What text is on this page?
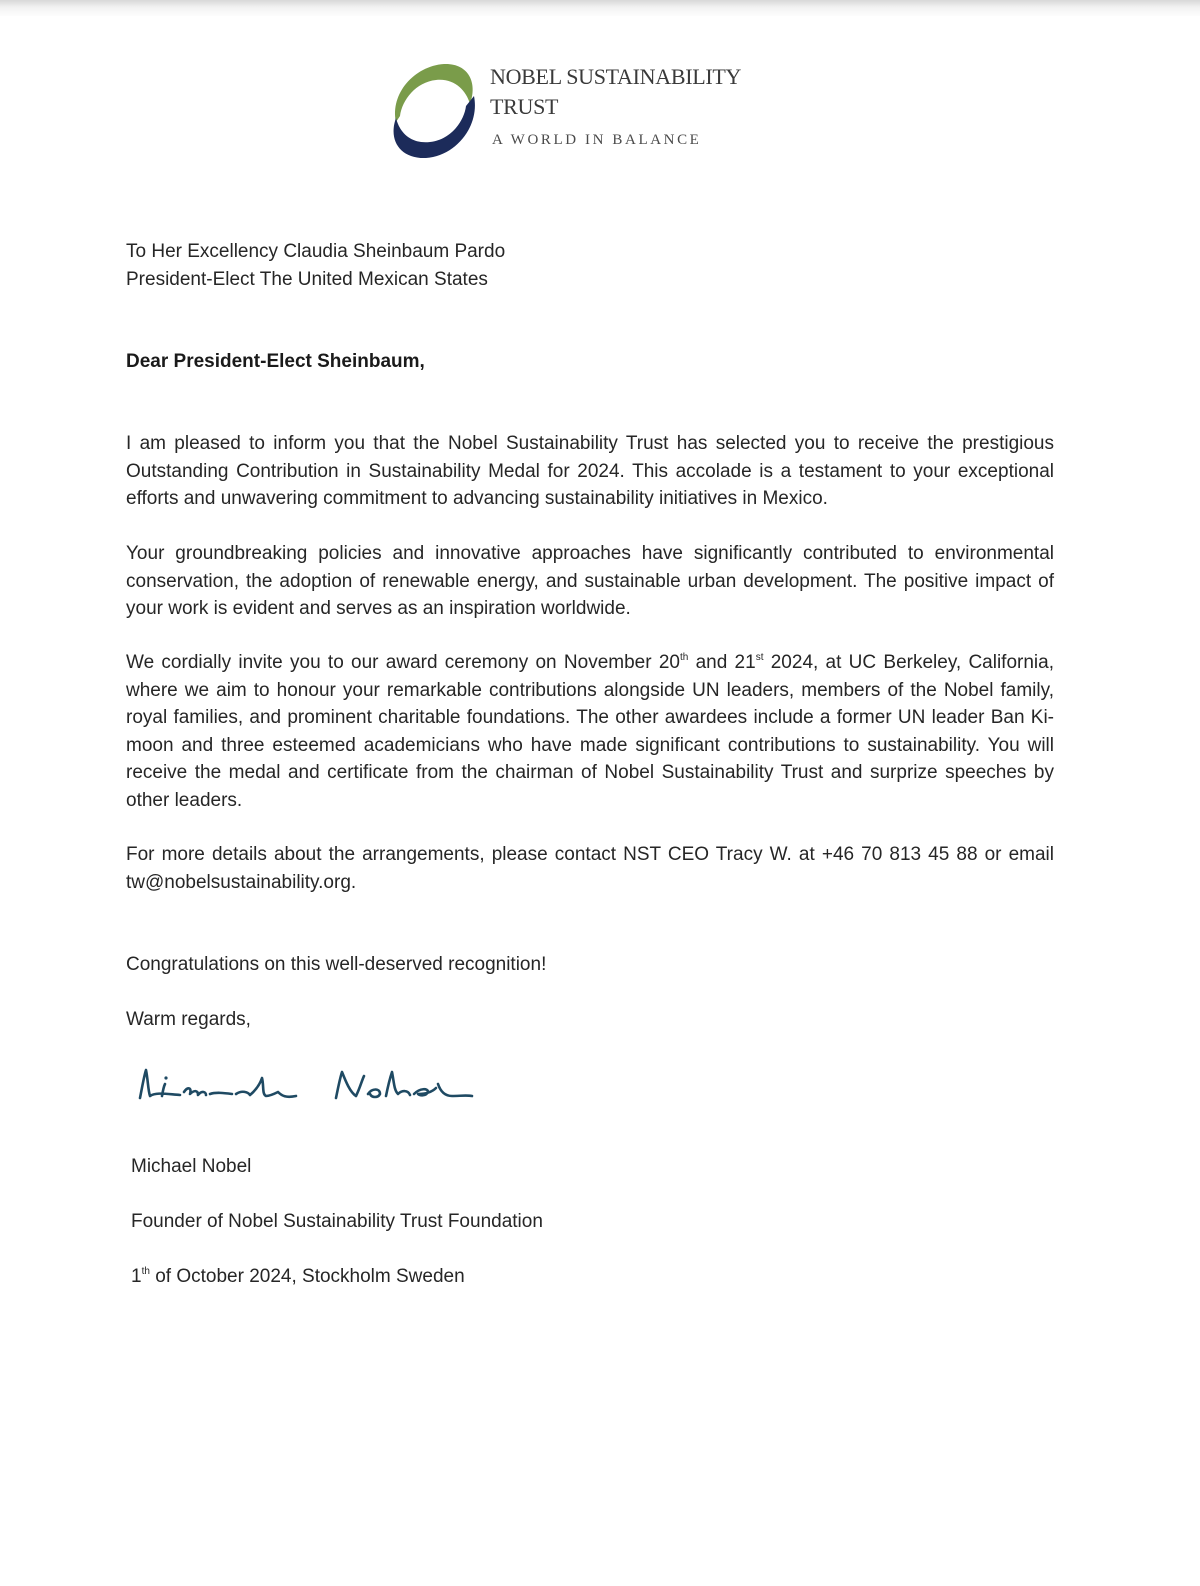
NOBEL SUSTAINABILITY
TRUST
A WORLD IN BALANCE
To Her Excellency Claudia Sheinbaum Pardo
President-Elect The United Mexican States
Dear President-Elect Sheinbaum,
I am pleased to inform you that the Nobel Sustainability Trust has selected you to receive the prestigious Outstanding Contribution in Sustainability Medal for 2024. This accolade is a testament to your exceptional efforts and unwavering commitment to advancing sustainability initiatives in Mexico.
Your groundbreaking policies and innovative approaches have significantly contributed to environmental conservation, the adoption of renewable energy, and sustainable urban development. The positive impact of your work is evident and serves as an inspiration worldwide.
We cordially invite you to our award ceremony on November 20th and 21st 2024, at UC Berkeley, California, where we aim to honour your remarkable contributions alongside UN leaders, members of the Nobel family, royal families, and prominent charitable foundations. The other awardees include a former UN leader Ban Ki-moon and three esteemed academicians who have made significant contributions to sustainability. You will receive the medal and certificate from the chairman of Nobel Sustainability Trust and surprize speeches by other leaders.
For more details about the arrangements, please contact NST CEO Tracy W. at +46 70 813 45 88 or email tw@nobelsustainability.org.
Congratulations on this well-deserved recognition!
Warm regards,
Michael Nobel
Founder of Nobel Sustainability Trust Foundation
1th of October 2024, Stockholm Sweden
